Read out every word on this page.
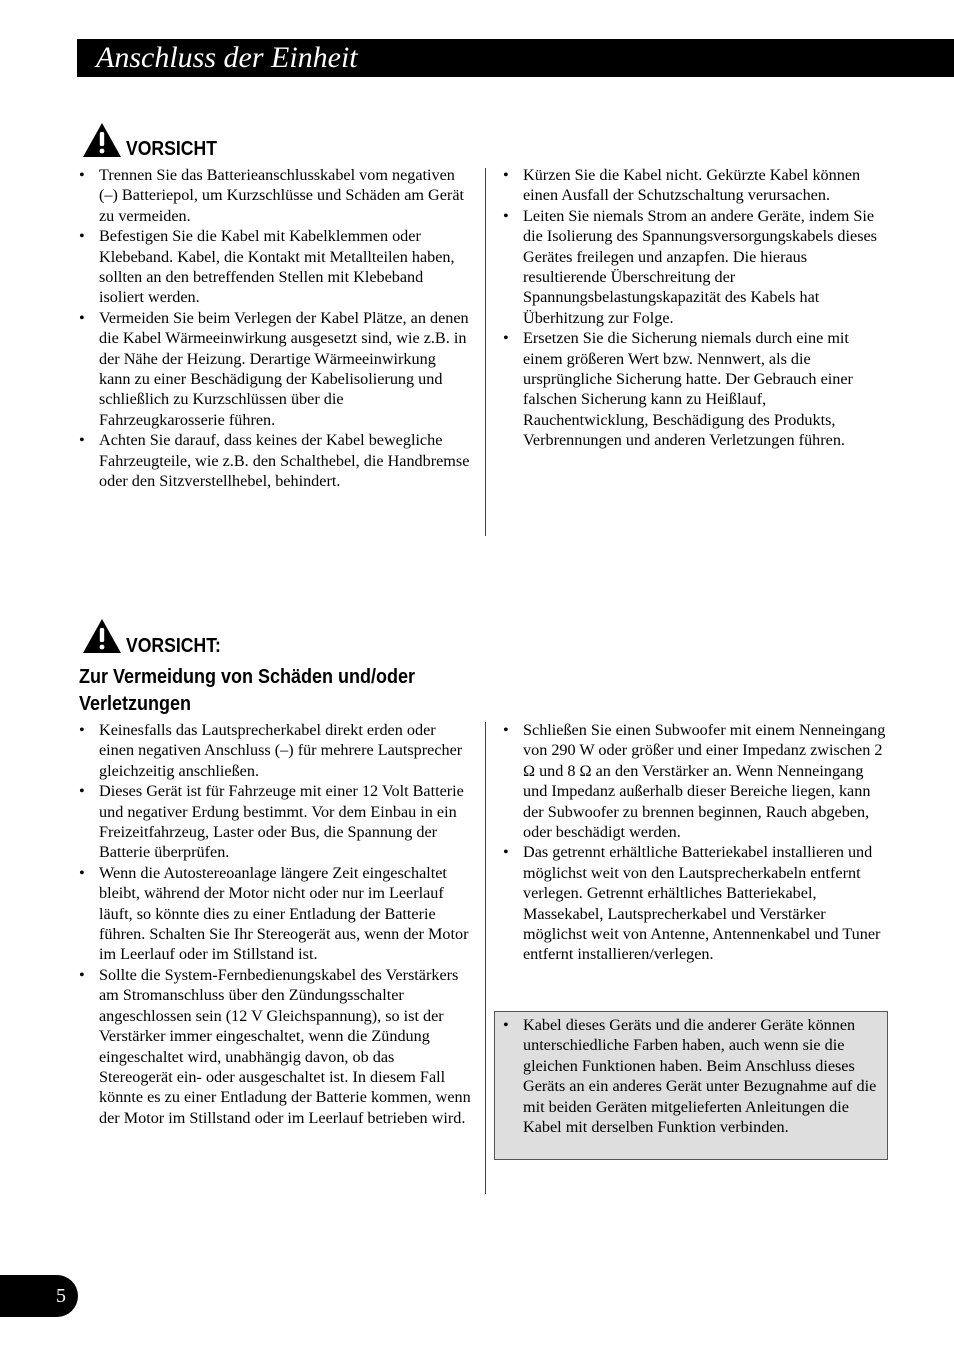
Anschluss der Einheit
VORSICHT
• Trennen Sie das Batterieanschlusskabel vom negativen (–) Batteriepol, um Kurzschlüsse und Schäden am Gerät zu vermeiden.
• Befestigen Sie die Kabel mit Kabelklemmen oder Klebeband. Kabel, die Kontakt mit Metallteilen haben, sollten an den betreffenden Stellen mit Klebeband isoliert werden.
• Vermeiden Sie beim Verlegen der Kabel Plätze, an denen die Kabel Wärmeeinwirkung ausgesetzt sind, wie z.B. in der Nähe der Heizung. Derartige Wärmeeinwirkung kann zu einer Beschädigung der Kabelisolierung und schließlich zu Kurzschlüssen über die Fahrzeugkarosserie führen.
• Achten Sie darauf, dass keines der Kabel bewegliche Fahrzeugteile, wie z.B. den Schalthebel, die Handbremse oder den Sitzverstellhebel, behindert.
• Kürzen Sie die Kabel nicht. Gekürzte Kabel können einen Ausfall der Schutzschaltung verursachen.
• Leiten Sie niemals Strom an andere Geräte, indem Sie die Isolierung des Spannungsversorgungskabels dieses Gerätes freilegen und anzapfen. Die hieraus resultierende Überschreitung der Spannungsbelastungskapazität des Kabels hat Überhitzung zur Folge.
• Ersetzen Sie die Sicherung niemals durch eine mit einem größeren Wert bzw. Nennwert, als die ursprüngliche Sicherung hatte. Der Gebrauch einer falschen Sicherung kann zu Heißlauf, Rauchentwicklung, Beschädigung des Produkts, Verbrennungen und anderen Verletzungen führen.
VORSICHT:
Zur Vermeidung von Schäden und/oder Verletzungen
• Keinesfalls das Lautsprecherkabel direkt erden oder einen negativen Anschluss (–) für mehrere Lautsprecher gleichzeitig anschließen.
• Dieses Gerät ist für Fahrzeuge mit einer 12 Volt Batterie und negativer Erdung bestimmt. Vor dem Einbau in ein Freizeitfahrzeug, Laster oder Bus, die Spannung der Batterie überprüfen.
• Wenn die Autostereoanlage längere Zeit eingeschaltet bleibt, während der Motor nicht oder nur im Leerlauf läuft, so könnte dies zu einer Entladung der Batterie führen. Schalten Sie Ihr Stereogerät aus, wenn der Motor im Leerlauf oder im Stillstand ist.
• Sollte die System-Fernbedienungskabel des Verstärkers am Stromanschluss über den Zündungsschalter angeschlossen sein (12 V Gleichspannung), so ist der Verstärker immer eingeschaltet, wenn die Zündung eingeschaltet wird, unabhängig davon, ob das Stereogerät ein- oder ausgeschaltet ist. In diesem Fall könnte es zu einer Entladung der Batterie kommen, wenn der Motor im Stillstand oder im Leerlauf betrieben wird.
• Schließen Sie einen Subwoofer mit einem Nenneingang von 290 W oder größer und einer Impedanz zwischen 2 Ω und 8 Ω an den Verstärker an. Wenn Nenneingang und Impedanz außerhalb dieser Bereiche liegen, kann der Subwoofer zu brennen beginnen, Rauch abgeben, oder beschädigt werden.
• Das getrennt erhältliche Batteriekabel installieren und möglichst weit von den Lautsprecherkabeln entfernt verlegen. Getrennt erhältliches Batteriekabel, Massekabel, Lautsprecherkabel und Verstärker möglichst weit von Antenne, Antennenkabel und Tuner entfernt installieren/verlegen.
• Kabel dieses Geräts und die anderer Geräte können unterschiedliche Farben haben, auch wenn sie die gleichen Funktionen haben. Beim Anschluss dieses Geräts an ein anderes Gerät unter Bezugnahme auf die mit beiden Geräten mitgelieferten Anleitungen die Kabel mit derselben Funktion verbinden.
5
